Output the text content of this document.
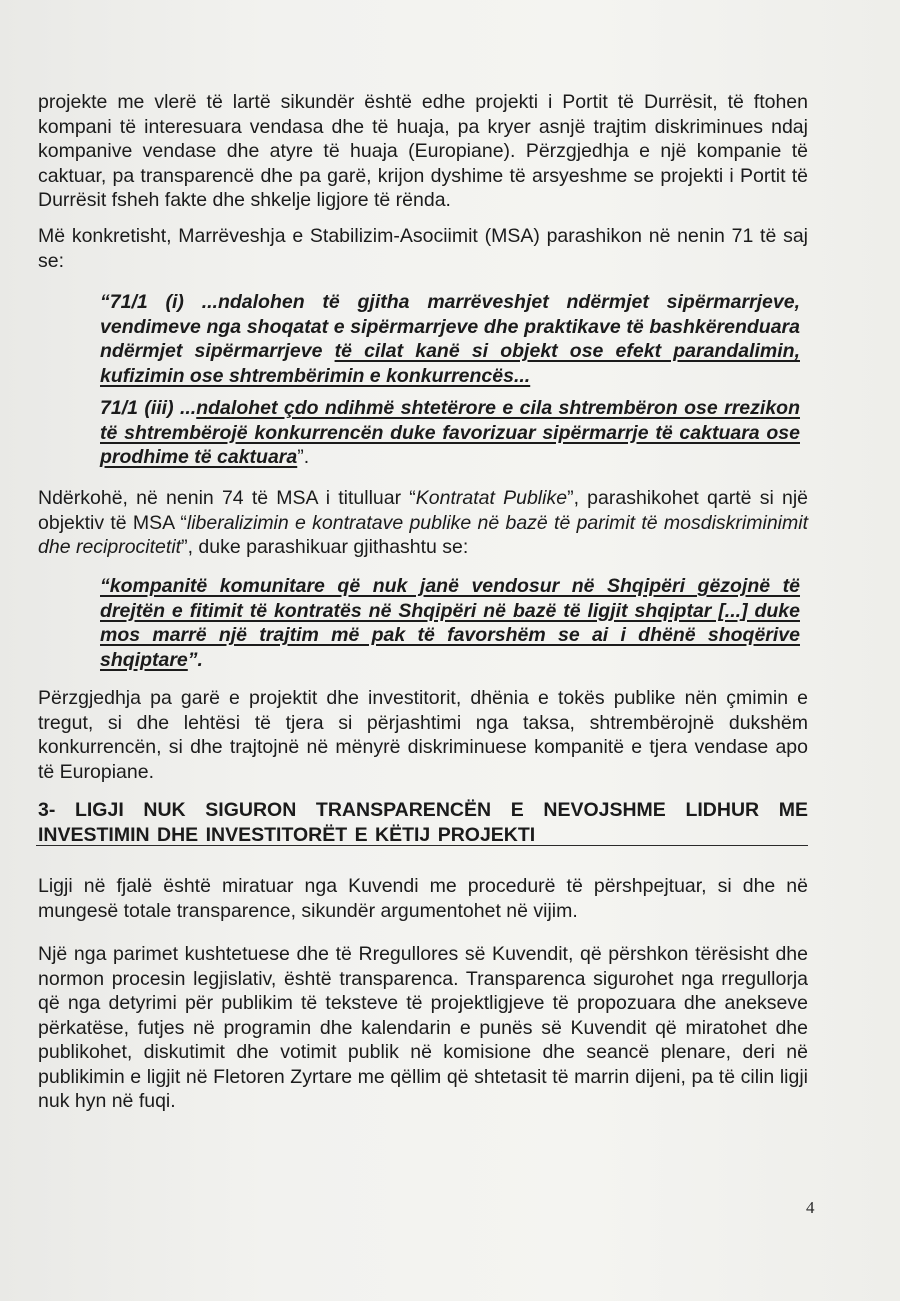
projekte me vlerë të lartë sikundër është edhe projekti i Portit të Durrësit, të ftohen kompani të interesuara vendasa dhe të huaja, pa kryer asnjë trajtim diskriminues ndaj kompanive vendase dhe atyre të huaja (Europiane). Përzgjedhja e një kompanie të caktuar, pa transparencë dhe pa garë, krijon dyshime të arsyeshme se projekti i Portit të Durrësit fsheh fakte dhe shkelje ligjore të rënda.

Më konkretisht, Marrëveshja e Stabilizim-Asociimit (MSA) parashikon në nenin 71 të saj se:

“71/1 (i) ...ndalohen të gjitha marrëveshjet ndërmjet sipërmarrjeve, vendimeve nga shoqatat e sipërmarrjeve dhe praktikave të bashkërenduara ndërmjet sipërmarrjeve të cilat kanë si objekt ose efekt parandalimin, kufizimin ose shtrembërimin e konkurrencës...

71/1 (iii) ...ndalohet çdo ndihmë shtetërore e cila shtrembëron ose rrezikon të shtrembërojë konkurrencën duke favorizuar sipërmarrje të caktuara ose prodhime të caktuara”.

Ndërkohë, në nenin 74 të MSA i titulluar “Kontratat Publike”, parashikohet qartë si një objektiv të MSA “liberalizimin e kontratave publike në bazë të parimit të mosdiskriminimit dhe reciprocitetit”, duke parashikuar gjithashtu se:

“kompanitë komunitare që nuk janë vendosur në Shqipëri gëzojnë të drejtën e fitimit të kontratës në Shqipëri në bazë të ligjit shqiptar [...] duke mos marrë një trajtim më pak të favorshëm se ai i dhënë shoqërive shqiptare”.

Përzgjedhja pa garë e projektit dhe investitorit, dhënia e tokës publike nën çmimin e tregut, si dhe lehtësi të tjera si përjashtimi nga taksa, shtrembërojnë dukshëm konkurrencën, si dhe trajtojnë në mënyrë diskriminuese kompanitë e tjera vendase apo të Europiane.

3- LIGJI NUK SIGURON TRANSPARENCËN E NEVOJSHME LIDHUR ME INVESTIMIN DHE INVESTITORËT E KËTIJ PROJEKTI

Ligji në fjalë është miratuar nga Kuvendi me procedurë të përshpejtuar, si dhe në mungesë totale transparence, sikundër argumentohet në vijim.

Një nga parimet kushtetuese dhe të Rregullores së Kuvendit, që përshkon tërësisht dhe normon procesin legjislativ, është transparenca. Transparenca sigurohet nga rregullorja që nga detyrimi për publikim të teksteve të projektligjeve të propozuara dhe anekseve përkatëse, futjes në programin dhe kalendarin e punës së Kuvendit që miratohet dhe publikohet, diskutimit dhe votimit publik në komisione dhe seancë plenare, deri në publikimin e ligjit në Fletoren Zyrtare me qëllim që shtetasit të marrin dijeni, pa të cilin ligji nuk hyn në fuqi.

4
